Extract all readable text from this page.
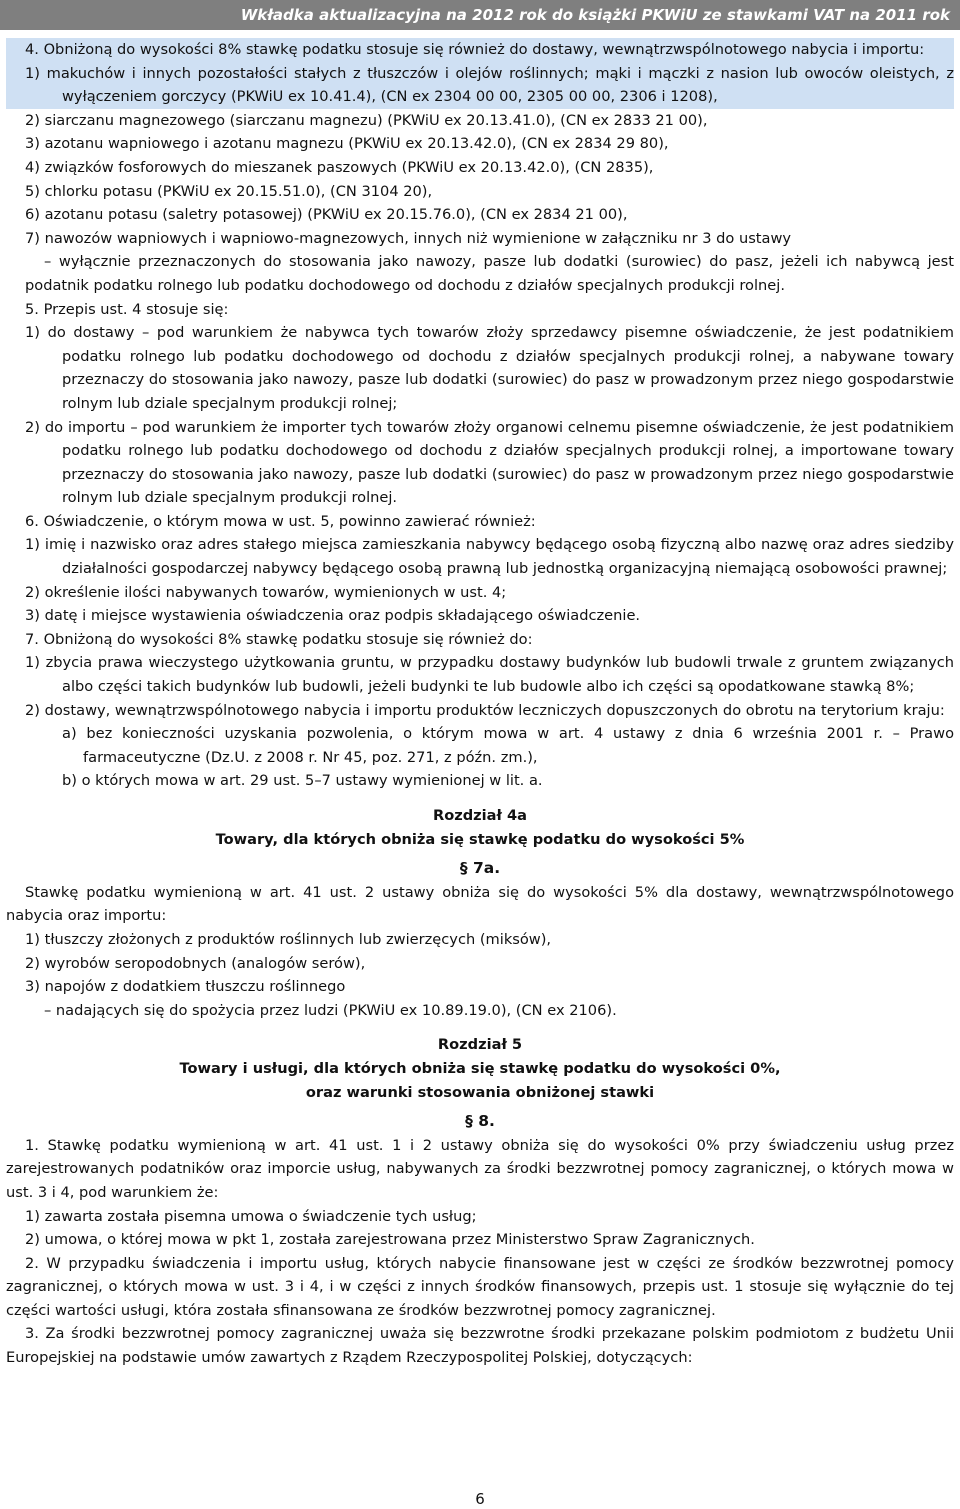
Wkładka aktualizacyjna na 2012 rok do książki PKWiU ze stawkami VAT na 2011 rok

4. Obniżoną do wysokości 8% stawkę podatku stosuje się również do dostawy, wewnątrzwspólnotowego nabycia i importu:

1) makuchów i innych pozostałości stałych z tłuszczów i olejów roślinnych; mąki i mączki z nasion lub owoców oleistych, z wyłączeniem gorczycy (PKWiU ex 10.41.4), (CN ex 2304 00 00, 2305 00 00, 2306 i 1208),

2) siarczanu magnezowego (siarczanu magnezu) (PKWiU ex 20.13.41.0), (CN ex 2833 21 00),

3) azotanu wapniowego i azotanu magnezu (PKWiU ex 20.13.42.0), (CN ex 2834 29 80),

4) związków fosforowych do mieszanek paszowych (PKWiU ex 20.13.42.0), (CN 2835),

5) chlorku potasu (PKWiU ex 20.15.51.0), (CN 3104 20),

6) azotanu potasu (saletry potasowej) (PKWiU ex 20.15.76.0), (CN ex 2834 21 00),

7) nawozów wapniowych i wapniowo-magnezowych, innych niż wymienione w załączniku nr 3 do ustawy

– wyłącznie przeznaczonych do stosowania jako nawozy, pasze lub dodatki (surowiec) do pasz, jeżeli ich nabywcą jest podatnik podatku rolnego lub podatku dochodowego od dochodu z działów specjalnych produkcji rolnej.

5. Przepis ust. 4 stosuje się:

1) do dostawy – pod warunkiem że nabywca tych towarów złoży sprzedawcy pisemne oświadczenie, że jest podatnikiem podatku rolnego lub podatku dochodowego od dochodu z działów specjalnych produkcji rolnej, a nabywane towary przeznaczy do stosowania jako nawozy, pasze lub dodatki (surowiec) do pasz w prowadzonym przez niego gospodarstwie rolnym lub dziale specjalnym produkcji rolnej;

2) do importu – pod warunkiem że importer tych towarów złoży organowi celnemu pisemne oświadczenie, że jest podatnikiem podatku rolnego lub podatku dochodowego od dochodu z działów specjalnych produkcji rolnej, a importowane towary przeznaczy do stosowania jako nawozy, pasze lub dodatki (surowiec) do pasz w prowadzonym przez niego gospodarstwie rolnym lub dziale specjalnym produkcji rolnej.

6. Oświadczenie, o którym mowa w ust. 5, powinno zawierać również:

1) imię i nazwisko oraz adres stałego miejsca zamieszkania nabywcy będącego osobą fizyczną albo nazwę oraz adres siedziby działalności gospodarczej nabywcy będącego osobą prawną lub jednostką organizacyjną niemającą osobowości prawnej;

2) określenie ilości nabywanych towarów, wymienionych w ust. 4;

3) datę i miejsce wystawienia oświadczenia oraz podpis składającego oświadczenie.

7. Obniżoną do wysokości 8% stawkę podatku stosuje się również do:

1) zbycia prawa wieczystego użytkowania gruntu, w przypadku dostawy budynków lub budowli trwale z gruntem związanych albo części takich budynków lub budowli, jeżeli budynki te lub budowle albo ich części są opodatkowane stawką 8%;

2) dostawy, wewnątrzwspólnotowego nabycia i importu produktów leczniczych dopuszczonych do obrotu na terytorium kraju:

a) bez konieczności uzyskania pozwolenia, o którym mowa w art. 4 ustawy z dnia 6 września 2001 r. – Prawo farmaceutyczne (Dz.U. z 2008 r. Nr 45, poz. 271, z późn. zm.),

b) o których mowa w art. 29 ust. 5–7 ustawy wymienionej w lit. a.

Rozdział 4a

Towary, dla których obniża się stawkę podatku do wysokości 5%

§ 7a.

Stawkę podatku wymienioną w art. 41 ust. 2 ustawy obniża się do wysokości 5% dla dostawy, wewnątrzwspólnotowego nabycia oraz importu:

1) tłuszczy złożonych z produktów roślinnych lub zwierzęcych (miksów),

2) wyrobów seropodobnych (analogów serów),

3) napojów z dodatkiem tłuszczu roślinnego

– nadających się do spożycia przez ludzi (PKWiU ex 10.89.19.0), (CN ex 2106).

Rozdział 5

Towary i usługi, dla których obniża się stawkę podatku do wysokości 0%,

oraz warunki stosowania obniżonej stawki

§ 8.

1. Stawkę podatku wymienioną w art. 41 ust. 1 i 2 ustawy obniża się do wysokości 0% przy świadczeniu usług przez zarejestrowanych podatników oraz imporcie usług, nabywanych za środki bezzwrotnej pomocy zagranicznej, o których mowa w ust. 3 i 4, pod warunkiem że:

1) zawarta została pisemna umowa o świadczenie tych usług;

2) umowa, o której mowa w pkt 1, została zarejestrowana przez Ministerstwo Spraw Zagranicznych.

2. W przypadku świadczenia i importu usług, których nabycie finansowane jest w części ze środków bezzwrotnej pomocy zagranicznej, o których mowa w ust. 3 i 4, i w części z innych środków finansowych, przepis ust. 1 stosuje się wyłącznie do tej części wartości usługi, która została sfinansowana ze środków bezzwrotnej pomocy zagranicznej.

3. Za środki bezzwrotnej pomocy zagranicznej uważa się bezzwrotne środki przekazane polskim podmiotom z budżetu Unii Europejskiej na podstawie umów zawartych z Rządem Rzeczypospolitej Polskiej, dotyczących:

6
